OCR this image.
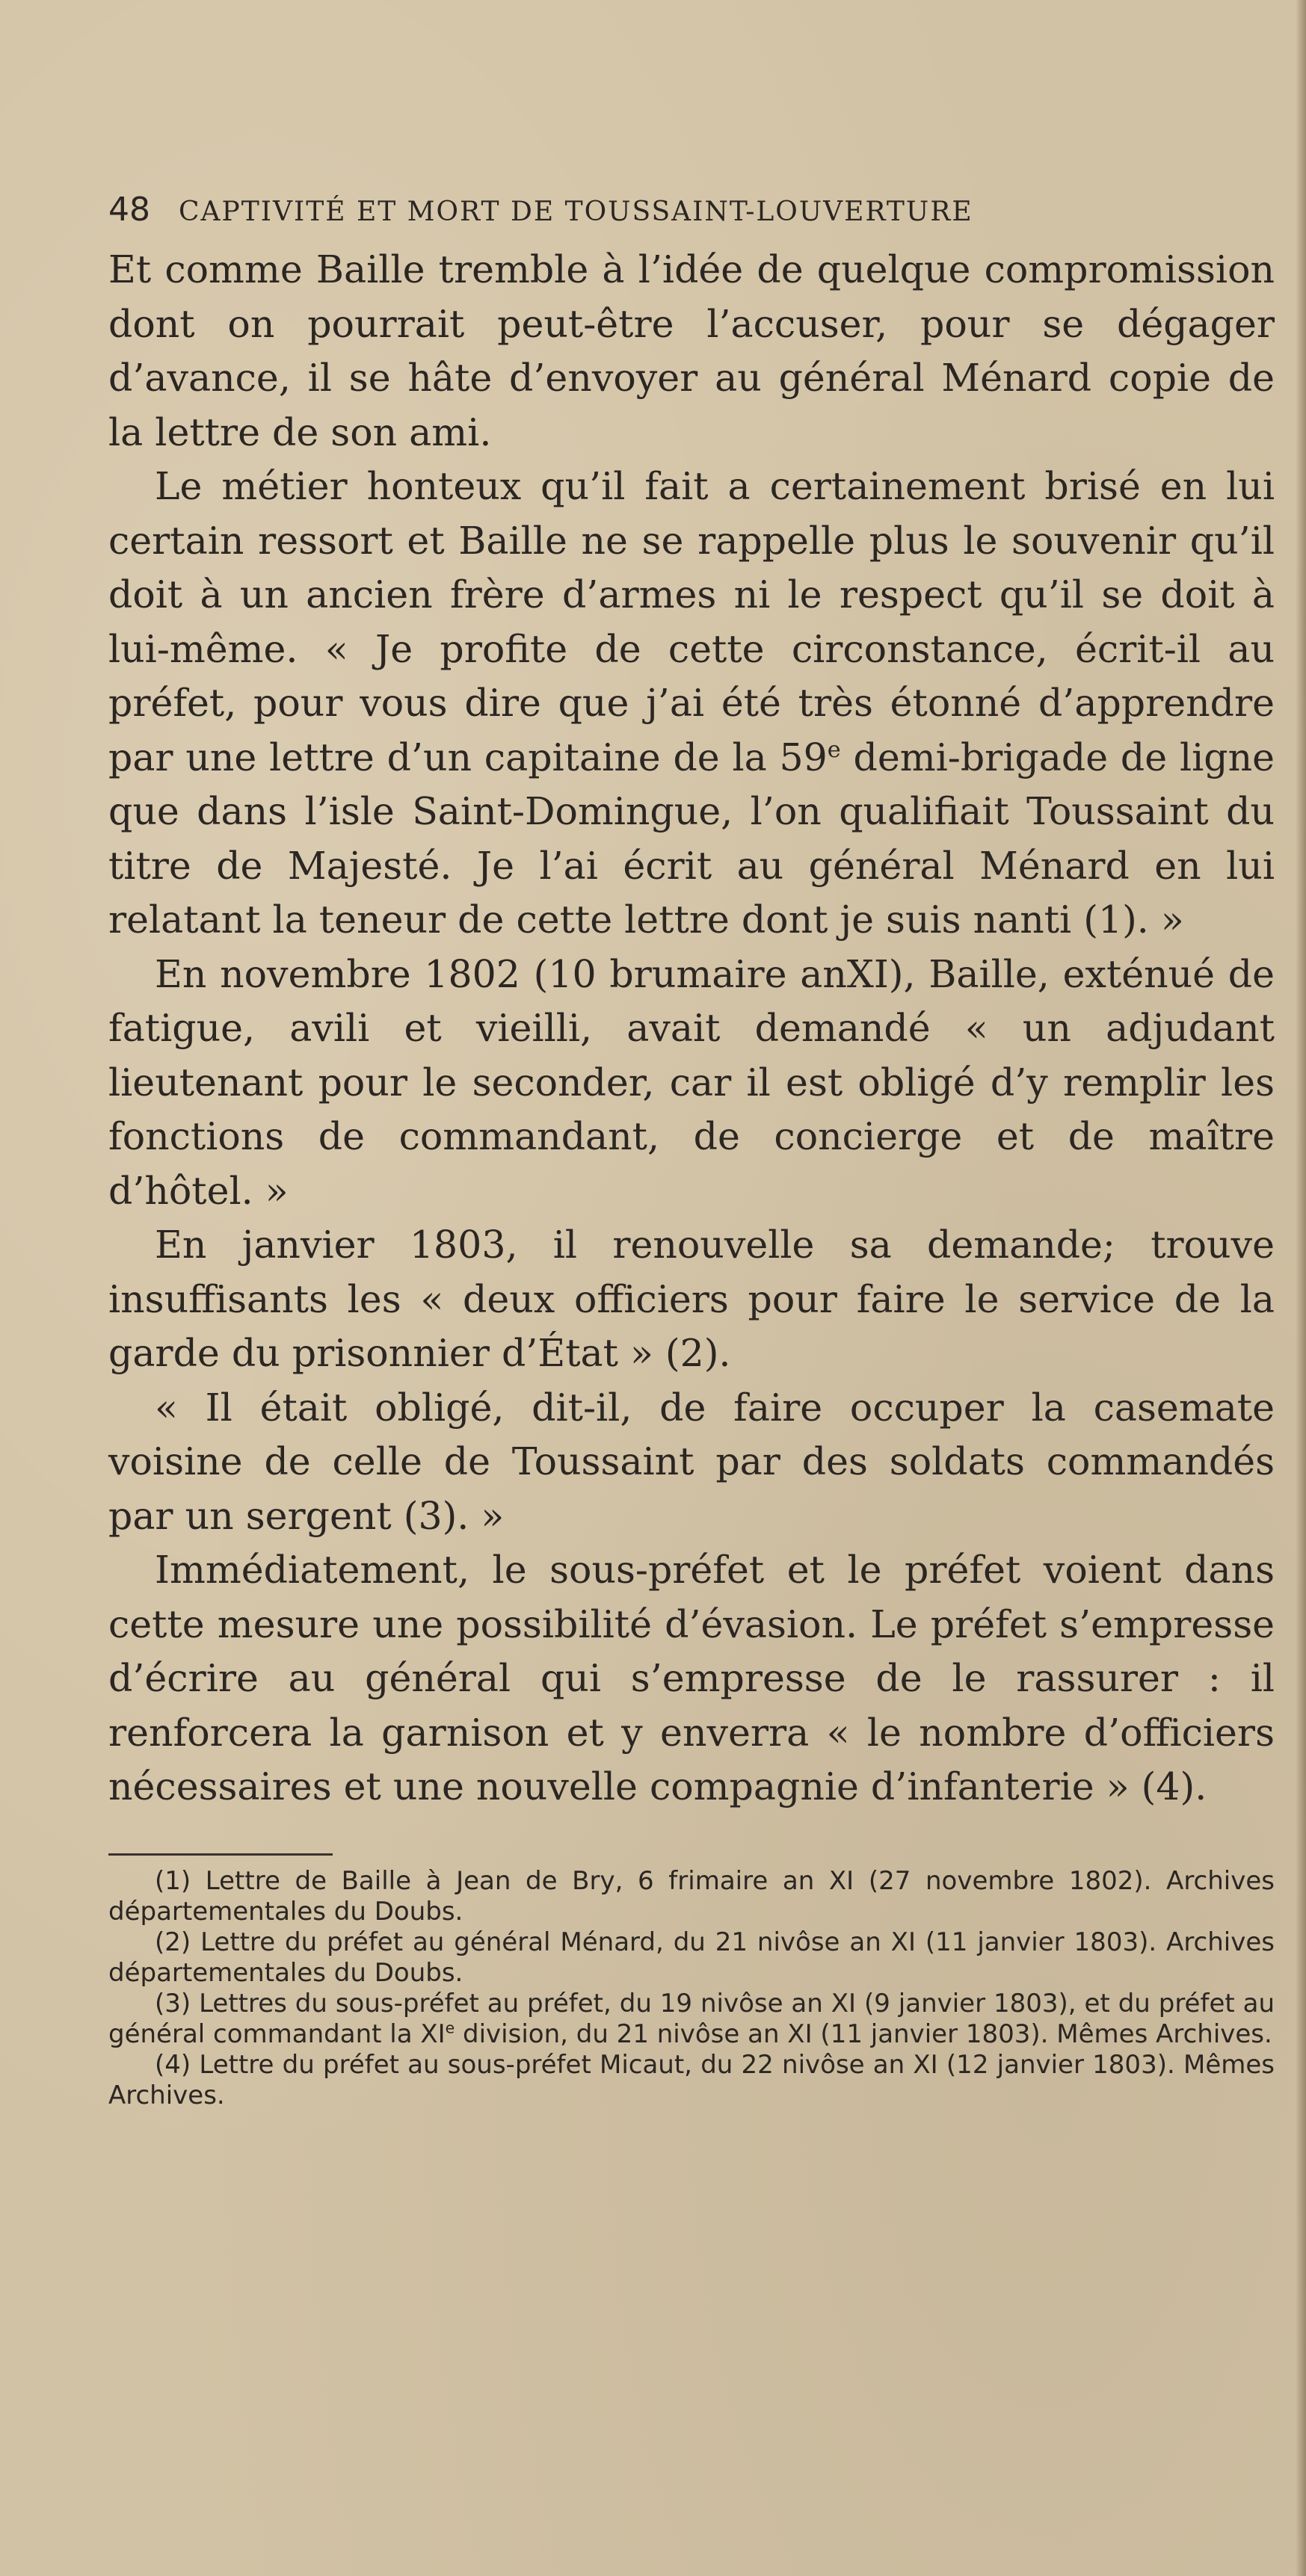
48 CAPTIVITÉ ET MORT DE TOUSSAINT-LOUVERTURE

Et comme Baille tremble à l’idée de quelque compromission dont on pourrait peut-être l’accuser, pour se dégager d’avance, il se hâte d’envoyer au général Ménard copie de la lettre de son ami.

Le métier honteux qu’il fait a certainement brisé en lui certain ressort et Baille ne se rappelle plus le souvenir qu’il doit à un ancien frère d’armes ni le respect qu’il se doit à lui-même. « Je profite de cette circonstance, écrit-il au préfet, pour vous dire que j’ai été très étonné d’apprendre par une lettre d’un capitaine de la 59e demi-brigade de ligne que dans l’isle Saint-Domingue, l’on qualifiait Toussaint du titre de Majesté. Je l’ai écrit au général Ménard en lui relatant la teneur de cette lettre dont je suis nanti (1). »

En novembre 1802 (10 brumaire anXI), Baille, exténué de fatigue, avili et vieilli, avait demandé « un adjudant lieutenant pour le seconder, car il est obligé d’y remplir les fonctions de commandant, de concierge et de maître d’hôtel. »

En janvier 1803, il renouvelle sa demande; trouve insuffisants les « deux officiers pour faire le service de la garde du prisonnier d’État » (2).

« Il était obligé, dit-il, de faire occuper la casemate voisine de celle de Toussaint par des soldats commandés par un sergent (3). »

Immédiatement, le sous-préfet et le préfet voient dans cette mesure une possibilité d’évasion. Le préfet s’empresse d’écrire au général qui s’empresse de le rassurer : il renforcera la garnison et y enverra « le nombre d’officiers nécessaires et une nouvelle compagnie d’infanterie » (4).

(1) Lettre de Baille à Jean de Bry, 6 frimaire an XI (27 novembre 1802). Archives départementales du Doubs.

(2) Lettre du préfet au général Ménard, du 21 nivôse an XI (11 janvier 1803). Archives départementales du Doubs.

(3) Lettres du sous-préfet au préfet, du 19 nivôse an XI (9 janvier 1803), et du préfet au général commandant la XIe division, du 21 nivôse an XI (11 janvier 1803). Mêmes Archives.

(4) Lettre du préfet au sous-préfet Micaut, du 22 nivôse an XI (12 janvier 1803). Mêmes Archives.
